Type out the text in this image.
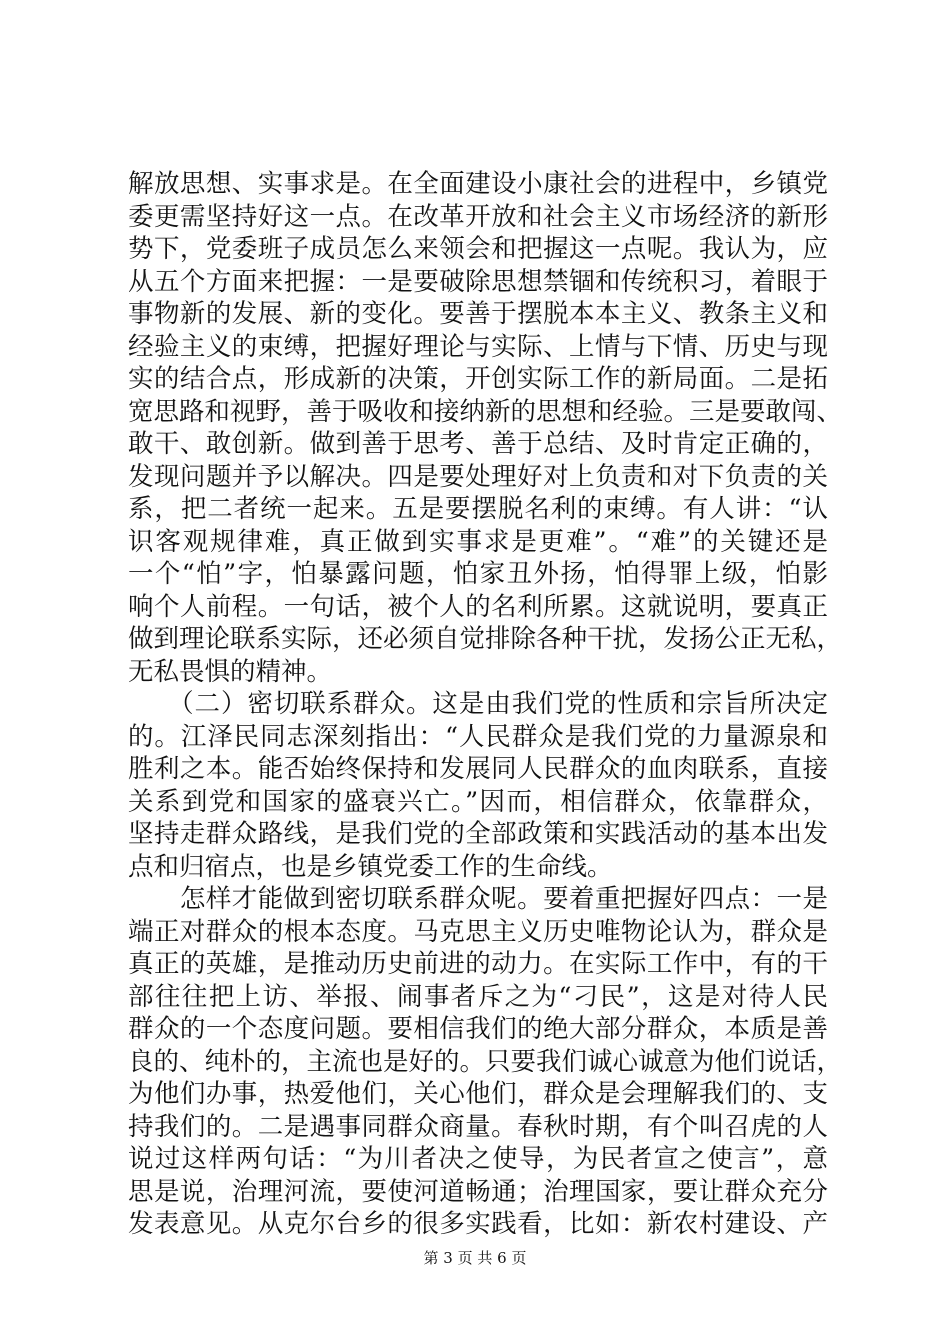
解放思想、实事求是。在全面建设小康社会的进程中，乡镇党
委更需坚持好这一点。在改革开放和社会主义市场经济的新形
势下，党委班子成员怎么来领会和把握这一点呢。我认为，应
从五个方面来把握：一是要破除思想禁锢和传统积习，着眼于
事物新的发展、新的变化。要善于摆脱本本主义、教条主义和
经验主义的束缚，把握好理论与实际、上情与下情、历史与现
实的结合点，形成新的决策，开创实际工作的新局面。二是拓
宽思路和视野，善于吸收和接纳新的思想和经验。三是要敢闯、
敢干、敢创新。做到善于思考、善于总结、及时肯定正确的，
发现问题并予以解决。四是要处理好对上负责和对下负责的关
系，把二者统一起来。五是要摆脱名利的束缚。有人讲：“认
识客观规律难，真正做到实事求是更难”。“难”的关键还是
一个“怕”字，怕暴露问题，怕家丑外扬，怕得罪上级，怕影
响个人前程。一句话，被个人的名利所累。这就说明，要真正
做到理论联系实际，还必须自觉排除各种干扰，发扬公正无私，
无私畏惧的精神。
　　（二）密切联系群众。这是由我们党的性质和宗旨所决定
的。江泽民同志深刻指出：“人民群众是我们党的力量源泉和
胜利之本。能否始终保持和发展同人民群众的血肉联系，直接
关系到党和国家的盛衰兴亡。”因而，相信群众，依靠群众，
坚持走群众路线，是我们党的全部政策和实践活动的基本出发
点和归宿点，也是乡镇党委工作的生命线。
　　怎样才能做到密切联系群众呢。要着重把握好四点：一是
端正对群众的根本态度。马克思主义历史唯物论认为，群众是
真正的英雄，是推动历史前进的动力。在实际工作中，有的干
部往往把上访、举报、闹事者斥之为“刁民”，这是对待人民
群众的一个态度问题。要相信我们的绝大部分群众，本质是善
良的、纯朴的，主流也是好的。只要我们诚心诚意为他们说话，
为他们办事，热爱他们，关心他们，群众是会理解我们的、支
持我们的。二是遇事同群众商量。春秋时期，有个叫召虎的人
说过这样两句话：“为川者决之使导，为民者宣之使言”，意
思是说，治理河流，要使河道畅通；治理国家，要让群众充分
发表意见。从克尔台乡的很多实践看，比如：新农村建设、产
第 3 页 共 6 页
